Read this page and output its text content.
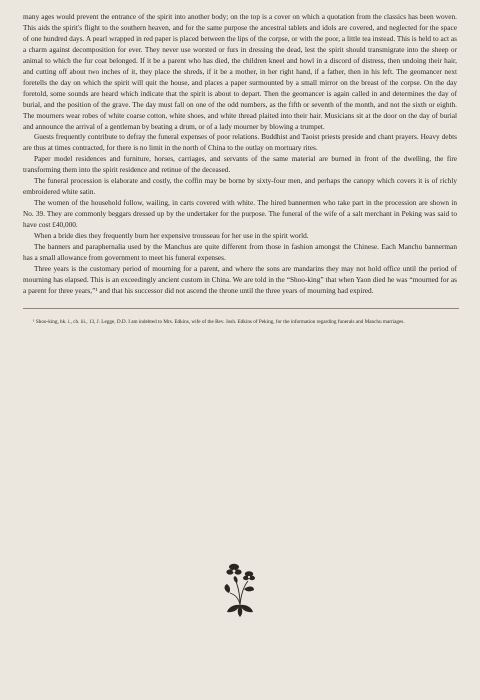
many ages would prevent the entrance of the spirit into another body; on the top is a cover on which a quotation from the classics has been woven. This aids the spirit's flight to the southern heaven, and for the same purpose the ancestral tablets and idols are covered, and neglected for the space of one hundred days. A pearl wrapped in red paper is placed between the lips of the corpse, or with the poor, a little tea instead. This is held to act as a charm against decomposition for ever. They never use worsted or furs in dressing the dead, lest the spirit should transmigrate into the sheep or animal to which the fur coat belonged. If it be a parent who has died, the children kneel and howl in a discord of distress, then undoing their hair, and cutting off about two inches of it, they place the shreds, if it be a mother, in her right hand, if a father, then in his left. The geomancer next foretells the day on which the spirit will quit the house, and places a paper surmounted by a small mirror on the breast of the corpse. On the day foretold, some sounds are heard which indicate that the spirit is about to depart. Then the geomancer is again called in and determines the day of burial, and the position of the grave. The day must fall on one of the odd numbers, as the fifth or seventh of the month, and not the sixth or eighth. The mourners wear robes of white coarse cotton, white shoes, and white thread plaited into their hair. Musicians sit at the door on the day of burial and announce the arrival of a gentleman by beating a drum, or of a lady mourner by blowing a trumpet.

Guests frequently contribute to defray the funeral expenses of poor relations. Buddhist and Taoist priests preside and chant prayers. Heavy debts are thus at times contracted, for there is no limit in the north of China to the outlay on mortuary rites.

Paper model residences and furniture, horses, carriages, and servants of the same material are burned in front of the dwelling, the fire transforming them into the spirit residence and retinue of the deceased.

The funeral procession is elaborate and costly, the coffin may be borne by sixty-four men, and perhaps the canopy which covers it is of richly embroidered white satin.

The women of the household follow, wailing, in carts covered with white. The hired bannermen who take part in the procession are shown in No. 39. They are commonly beggars dressed up by the undertaker for the purpose. The funeral of the wife of a salt merchant in Peking was said to have cost £40,000.

When a bride dies they frequently burn her expensive trousseau for her use in the spirit world.

The banners and paraphernalia used by the Manchus are quite different from those in fashion amongst the Chinese. Each Manchu bannerman has a small allowance from government to meet his funeral expenses.

Three years is the customary period of mourning for a parent, and where the sons are mandarins they may not hold office until the period of mourning has elapsed. This is an exceedingly ancient custom in China. We are told in the “Shoo-king” that when Yaon died he was “mourned for as a parent for three years,”¹ and that his successor did not ascend the throne until the three years of mourning had expired.

¹ Shoo-king, bk. i., ch. iii., 13, J. Legge, D.D. I am indebted to Mrs. Edkins, wife of the Rev. Josh. Edkins of Peking, for the information regarding funerals and Manchu marriages.
